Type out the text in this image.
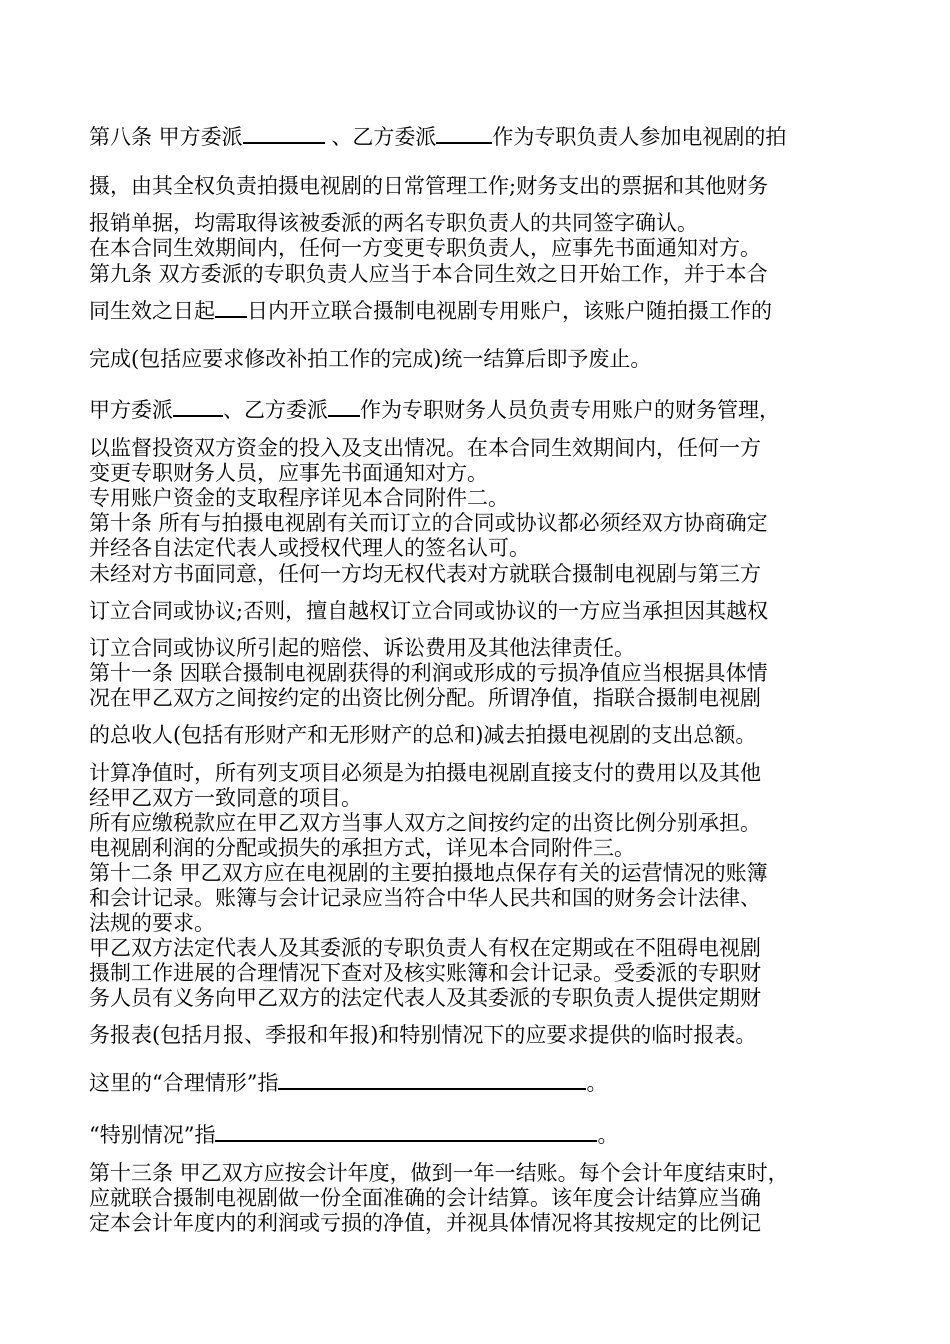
第八条 甲方委派	、乙方委派	作为专职负责人参加电视剧的拍
摄，由其全权负责拍摄电视剧的日常管理工作;财务支出的票据和其他财务
报销单据，均需取得该被委派的两名专职负责人的共同签字确认。
在本合同生效期间内，任何一方变更专职负责人，应事先书面通知对方。
第九条 双方委派的专职负责人应当于本合同生效之日开始工作，并于本合
同生效之日起 日内开立联合摄制电视剧专用账户，该账户随拍摄工作的
完成(包括应要求修改补拍工作的完成)统一结算后即予废止。
甲方委派 、乙方委派 作为专职财务人员负责专用账户的财务管理，
以监督投资双方资金的投入及支出情况。在本合同生效期间内，任何一方
变更专职财务人员，应事先书面通知对方。
专用账户资金的支取程序详见本合同附件二。
第十条 所有与拍摄电视剧有关而订立的合同或协议都必须经双方协商确定
并经各自法定代表人或授权代理人的签名认可。
未经对方书面同意，任何一方均无权代表对方就联合摄制电视剧与第三方
订立合同或协议;否则，擅自越权订立合同或协议的一方应当承担因其越权
订立合同或协议所引起的赔偿、诉讼费用及其他法律责任。
第十一条 因联合摄制电视剧获得的利润或形成的亏损净值应当根据具体情
况在甲乙双方之间按约定的出资比例分配。所谓净值，指联合摄制电视剧
的总收人(包括有形财产和无形财产的总和)减去拍摄电视剧的支出总额。
计算净值时，所有列支项目必须是为拍摄电视剧直接支付的费用以及其他
经甲乙双方一致同意的项目。
所有应缴税款应在甲乙双方当事人双方之间按约定的出资比例分别承担。
电视剧利润的分配或损失的承担方式，详见本合同附件三。
第十二条 甲乙双方应在电视剧的主要拍摄地点保存有关的运营情况的账簿
和会计记录。账簿与会计记录应当符合中华人民共和国的财务会计法律、
法规的要求。
甲乙双方法定代表人及其委派的专职负责人有权在定期或在不阻碍电视剧
摄制工作进展的合理情况下查对及核实账簿和会计记录。受委派的专职财
务人员有义务向甲乙双方的法定代表人及其委派的专职负责人提供定期财
务报表(包括月报、季报和年报)和特别情况下的应要求提供的临时报表。
这里的“合理情形”指	。
“特别情况”指	。
第十三条 甲乙双方应按会计年度，做到一年一结账。每个会计年度结束时，
应就联合摄制电视剧做一份全面准确的会计结算。该年度会计结算应当确
定本会计年度内的利润或亏损的净值，并视具体情况将其按规定的比例记
